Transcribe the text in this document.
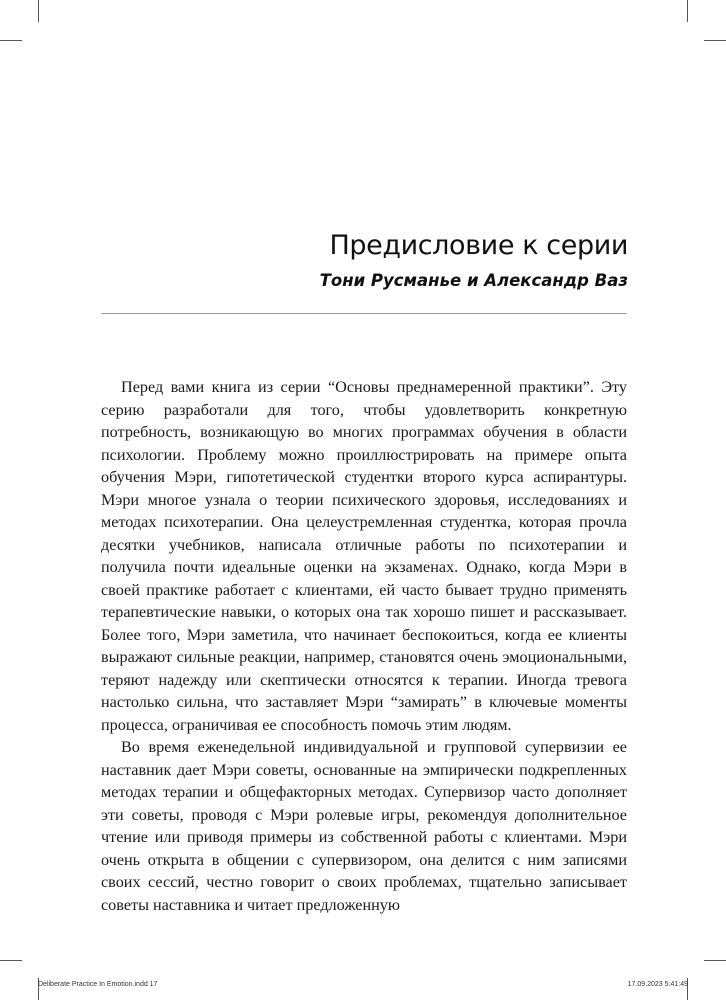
Предисловие к серии
Тони Русманье и Александр Ваз

Перед вами книга из серии “Основы преднамеренной практики”. Эту серию разработали для того, чтобы удовлетворить конкретную потребность, возникающую во многих программах обучения в области психологии. Проблему можно проиллюстрировать на примере опыта обучения Мэри, гипотетической студентки второго курса аспирантуры. Мэри многое узнала о теории психического здоровья, исследованиях и методах психотерапии. Она целеустремленная студентка, которая прочла десятки учебников, написала отличные работы по психотерапии и получила почти идеальные оценки на экзаменах. Однако, когда Мэри в своей практике работает с клиентами, ей часто бывает трудно применять терапевтические навыки, о которых она так хорошо пишет и рассказывает. Более того, Мэри заметила, что начинает беспокоиться, когда ее клиенты выражают сильные реакции, например, становятся очень эмоциональными, теряют надежду или скептически относятся к терапии. Иногда тревога настолько сильна, что заставляет Мэри “замирать” в ключевые моменты процесса, ограничивая ее способность помочь этим людям.

Во время еженедельной индивидуальной и групповой супервизии ее наставник дает Мэри советы, основанные на эмпирически подкрепленных методах терапии и общефакторных методах. Супервизор часто дополняет эти советы, проводя с Мэри ролевые игры, рекомендуя дополнительное чтение или приводя примеры из собственной работы с клиентами. Мэри очень открыта в общении с супервизором, она делится с ним записями своих сессий, честно говорит о своих проблемах, тщательно записывает советы наставника и читает предложенную

Deliberate Practice In Emotion.indd 17	17.09.2023 5:41:49
